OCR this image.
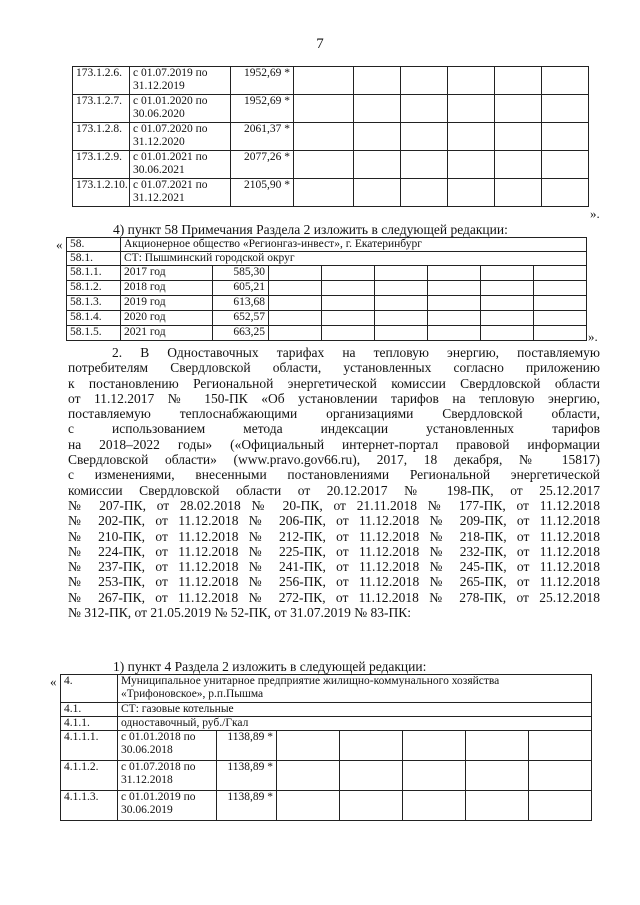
7
173.1.2.6.	с 01.07.2019 по
31.12.2019	1952,69 *						
173.1.2.7.	с 01.01.2020 по
30.06.2020	1952,69 *						
173.1.2.8.	с 01.07.2020 по
31.12.2020	2061,37 *						
173.1.2.9.	с 01.01.2021 по
30.06.2021	2077,26 *						
173.1.2.10.	с 01.07.2021 по
31.12.2021	2105,90 *						
».
4) пункт 58 Примечания Раздела 2 изложить в следующей редакции:
« 58.	Акционерное общество «Регионгаз-инвест», г. Екатеринбург							
58.1.	СТ: Пышминский городской округ							
58.1.1.	2017 год	585,30						
58.1.2.	2018 год	605,21						
58.1.3.	2019 год	613,68						
58.1.4.	2020 год	652,57						
58.1.5.	2021 год	663,25							».
2. В Одноставочных тарифах на тепловую энергию, поставляемую
потребителям Свердловской области, установленных согласно приложению
к постановлению Региональной энергетической комиссии Свердловской области
от 11.12.2017 № 150-ПК «Об установлении тарифов на тепловую энергию,
поставляемую теплоснабжающими организациями Свердловской области,
с использованием метода индексации установленных тарифов
на 2018–2022 годы» («Официальный интернет-портал правовой информации
Свердловской области» (www.pravo.gov66.ru), 2017, 18 декабря, № 15817)
с изменениями, внесенными постановлениями Региональной энергетической
комиссии Свердловской области от 20.12.2017 № 198-ПК, от 25.12.2017
№ 207-ПК, от 28.02.2018 № 20-ПК, от 21.11.2018 № 177-ПК, от 11.12.2018
№ 202-ПК, от 11.12.2018 № 206-ПК, от 11.12.2018 № 209-ПК, от 11.12.2018
№ 210-ПК, от 11.12.2018 № 212-ПК, от 11.12.2018 № 218-ПК, от 11.12.2018
№ 224-ПК, от 11.12.2018 № 225-ПК, от 11.12.2018 № 232-ПК, от 11.12.2018
№ 237-ПК, от 11.12.2018 № 241-ПК, от 11.12.2018 № 245-ПК, от 11.12.2018
№ 253-ПК, от 11.12.2018 № 256-ПК, от 11.12.2018 № 265-ПК, от 11.12.2018
№ 267-ПК, от 11.12.2018 № 272-ПК, от 11.12.2018 № 278-ПК, от 25.12.2018
№ 312-ПК, от 21.05.2019 № 52-ПК, от 31.07.2019 № 83-ПК:
1) пункт 4 Раздела 2 изложить в следующей редакции:
« 4.	Муниципальное унитарное предприятие жилищно-коммунального хозяйства
«Трифоновское», р.п.Пышма						
4.1.	СТ: газовые котельные						
4.1.1.	одноставочный, руб./Гкал						
4.1.1.1.	с 01.01.2018 по
30.06.2018	1138,89 *					
4.1.1.2.	с 01.07.2018 по
31.12.2018	1138,89 *					
4.1.1.3.	с 01.01.2019 по
30.06.2019	1138,89 *					
